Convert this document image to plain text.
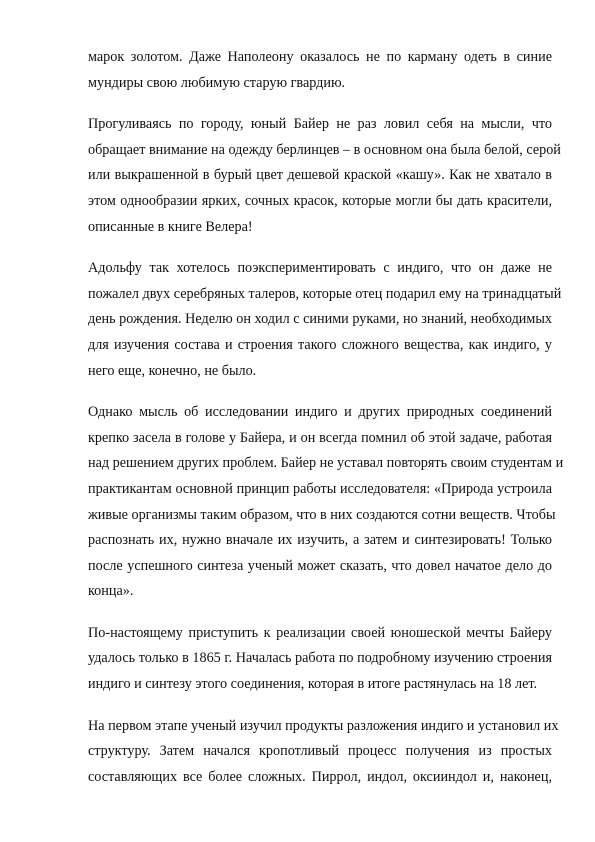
марок золотом. Даже Наполеону оказалось не по карману одеть в синие
мундиры свою любимую старую гвардию.

Прогуливаясь по городу, юный Байер не раз ловил себя на мысли, что
обращает внимание на одежду берлинцев – в основном она была белой, серой
или выкрашенной в бурый цвет дешевой краской «кашу». Как не хватало в
этом однообразии ярких, сочных красок, которые могли бы дать красители,
описанные в книге Велера!

Адольфу так хотелось поэкспериментировать с индиго, что он даже не
пожалел двух серебряных талеров, которые отец подарил ему на тринадцатый
день рождения. Неделю он ходил с синими руками, но знаний, необходимых
для изучения состава и строения такого сложного вещества, как индиго, у
него еще, конечно, не было.

Однако мысль об исследовании индиго и других природных соединений
крепко засела в голове у Байера, и он всегда помнил об этой задаче, работая
над решением других проблем. Байер не уставал повторять своим студентам и
практикантам основной принцип работы исследователя: «Природа устроила
живые организмы таким образом, что в них создаются сотни веществ. Чтобы
распознать их, нужно вначале их изучить, а затем и синтезировать! Только
после успешного синтеза ученый может сказать, что довел начатое дело до
конца».

По-настоящему приступить к реализации своей юношеской мечты Байеру
удалось только в 1865 г. Началась работа по подробному изучению строения
индиго и синтезу этого соединения, которая в итоге растянулась на 18 лет.

На первом этапе ученый изучил продукты разложения индиго и установил их
структуру. Затем начался кропотливый процесс получения из простых
составляющих все более сложных. Пиррол, индол, оксииндол и, наконец,
